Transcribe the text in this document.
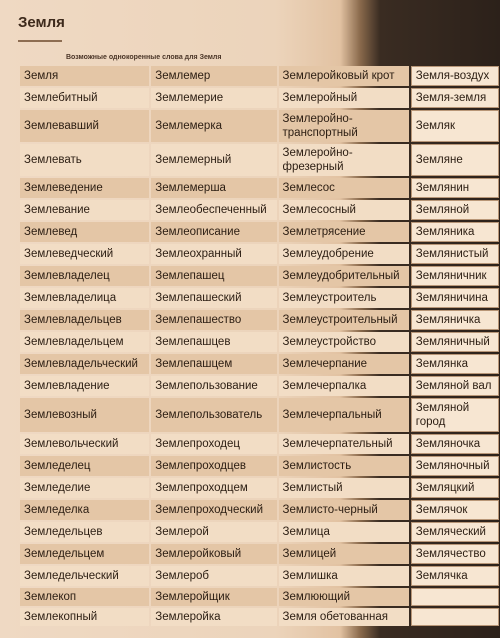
Земля
Возможные однокоренные слова для Земля
Земля	Землемер	Землеройковый крот	Земля-воздух
Землебитный	Землемерие	Землеройный	Земля-земля
Землевавший	Землемерка	Землеройно-транспортный	Земляк
Землевать	Землемерный	Землеройно-фрезерный	Земляне
Землеведение	Землемерша	Землесос	Землянин
Землевание	Землеобеспеченный	Землесосный	Земляной
Землевед	Землеописание	Землетрясение	Земляника
Землеведческий	Землеохранный	Землеудобрение	Землянистый
Землевладелец	Землепашец	Землеудобрительный	Земляничник
Землевладелица	Землепашеский	Землеустроитель	Земляничина
Землевладельцев	Землепашество	Землеустроительный	Земляничка
Землевладельцем	Землепашцев	Землеустройство	Земляничный
Землевладельческий	Землепашцем	Землечерпание	Землянка
Землевладение	Землепользование	Землечерпалка	Земляной вал
Землевозный	Землепользователь	Землечерпальный	Земляной город
Землевольческий	Землепроходец	Землечерпательный	Земляночка
Земледелец	Землепроходцев	Землистость	Земляночный
Земледелие	Землепроходцем	Землистый	Земляцкий
Земледелка	Землепроходческий	Землисто-черный	Землячок
Земледельцев	Землерой	Землица	Земляческий
Земледельцем	Землеройковый	Землицей	Землячество
Земледельческий	Землероб	Землишка	Землячка
Землекоп	Землеройщик	Землюющий	
Землекопный	Землеройка	Земля обетованная	
